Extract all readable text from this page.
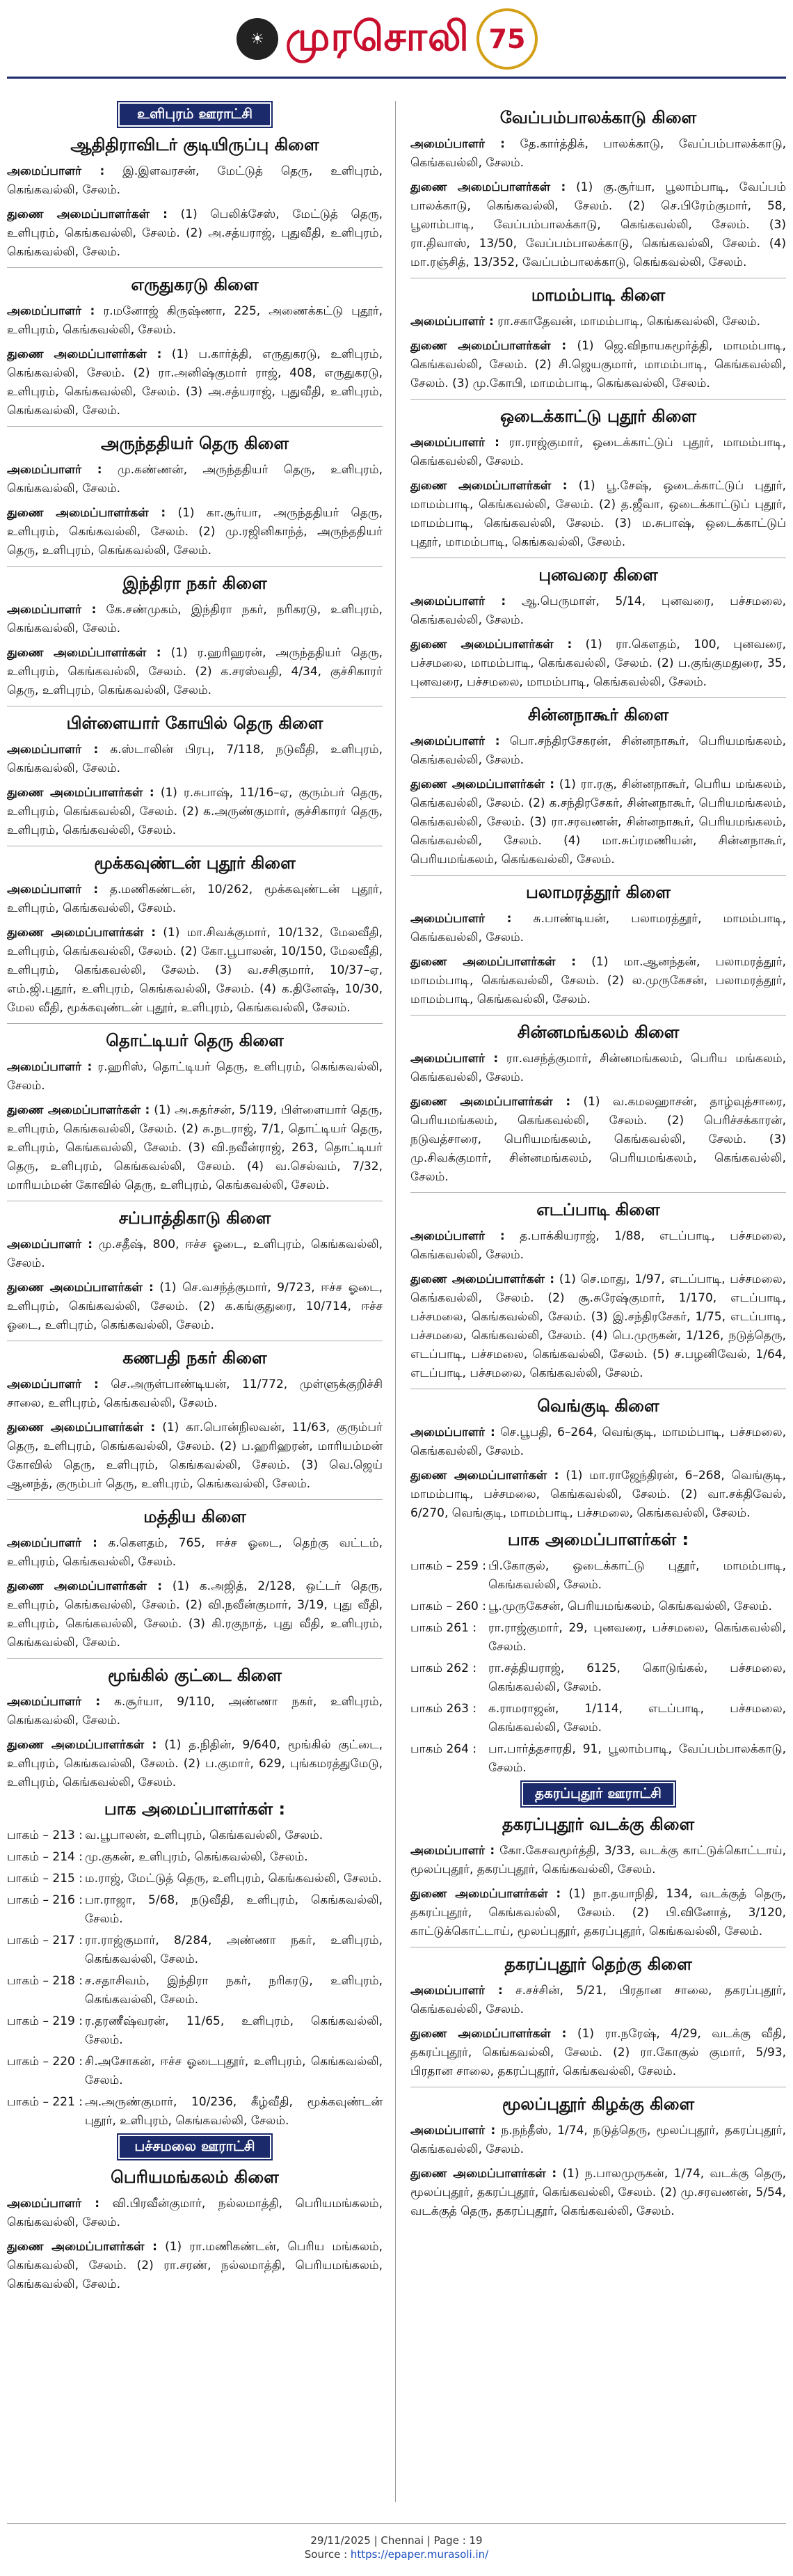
☀ முரசொலி 75
உளிபுரம் ஊராட்சி
ஆதிதிராவிடர் குடியிருப்பு கிளை
அமைப்பாளர் : இ.இளவரசன், மேட்டுத் தெரு, உளிபுரம், கெங்கவல்லி, சேலம்.
துணை அமைப்பாளர்கள் : (1) பெலிக்சேஸ், மேட்டுத் தெரு, உளிபுரம், கெங்கவல்லி, சேலம். (2) அ.சத்யராஜ், புதுவீதி, உளிபுரம், கெங்கவல்லி, சேலம்.
எருதுகரடு கிளை
அமைப்பாளர் : ர.மனோஜ் கிருஷ்ணா, 225, அணைக்கட்டு புதூர், உளிபுரம், கெங்கவல்லி, சேலம்.
துணை அமைப்பாளர்கள் : (1) ப.கார்த்தி, எருதுகரடு, உளிபுரம், கெங்கவல்லி, சேலம். (2) ரா.அனிஷ்குமார் ராஜ், 408, எருதுகரடு, உளிபுரம், கெங்கவல்லி, சேலம். (3) அ.சத்யராஜ், புதுவீதி, உளிபுரம், கெங்கவல்லி, சேலம்.
அருந்ததியர் தெரு கிளை
அமைப்பாளர் : மு.கண்ணன், அருந்ததியர் தெரு, உளிபுரம், கெங்கவல்லி, சேலம்.
துணை அமைப்பாளர்கள் : (1) கா.சூர்யா, அருந்ததியர் தெரு, உளிபுரம், கெங்கவல்லி, சேலம். (2) மு.ரஜினிகாந்த், அருந்ததியர் தெரு, உளிபுரம், கெங்கவல்லி, சேலம்.
இந்திரா நகர் கிளை
அமைப்பாளர் : கே.சண்முகம், இந்திரா நகர், நரிகரடு, உளிபுரம், கெங்கவல்லி, சேலம்.
துணை அமைப்பாளர்கள் : (1) ர.ஹரிஹரன், அருந்ததியர் தெரு, உளிபுரம், கெங்கவல்லி, சேலம். (2) க.சரஸ்வதி, 4/34, குச்சிகாரர் தெரு, உளிபுரம், கெங்கவல்லி, சேலம்.
பிள்ளையார் கோயில் தெரு கிளை
அமைப்பாளர் : க.ஸ்டாலின் பிரபு, 7/118, நடுவீதி, உளிபுரம், கெங்கவல்லி, சேலம்.
துணை அமைப்பாளர்கள் : (1) ர.சுபாஷ், 11/16–ஏ, குரும்பர் தெரு, உளிபுரம், கெங்கவல்லி, சேலம். (2) க.அருண்குமார், குச்சிகாரர் தெரு, உளிபுரம், கெங்கவல்லி, சேலம்.
மூக்கவுண்டன் புதூர் கிளை
அமைப்பாளர் : த.மணிகண்டன், 10/262, மூக்கவுண்டன் புதூர், உளிபுரம், கெங்கவல்லி, சேலம்.
துணை அமைப்பாளர்கள் : (1) மா.சிவக்குமார், 10/132, மேலவீதி, உளிபுரம், கெங்கவல்லி, சேலம். (2) கோ.பூபாலன், 10/150, மேலவீதி, உளிபுரம், கெங்கவல்லி, சேலம். (3) வ.சசிகுமார், 10/37–ஏ, எம்.ஜி.புதூர், உளிபுரம், கெங்கவல்லி, சேலம். (4) க.தினேஷ், 10/30, மேல வீதி, மூக்கவுண்டன் புதூர், உளிபுரம், கெங்கவல்லி, சேலம்.
தொட்டியர் தெரு கிளை
அமைப்பாளர் : ர.ஹரிஸ், தொட்டியர் தெரு, உளிபுரம், கெங்கவல்லி, சேலம்.
துணை அமைப்பாளர்கள் : (1) அ.சுதர்சன், 5/119, பிள்ளையார் தெரு, உளிபுரம், கெங்கவல்லி, சேலம். (2) சு.நடராஜ், 7/1, தொட்டியர் தெரு, உளிபுரம், கெங்கவல்லி, சேலம். (3) வி.நவீன்ராஜ், 263, தொட்டியர் தெரு, உளிபுரம், கெங்கவல்லி, சேலம். (4) வ.செல்வம், 7/32, மாரியம்மன் கோவில் தெரு, உளிபுரம், கெங்கவல்லி, சேலம்.
சப்பாத்திகாடு கிளை
அமைப்பாளர் : மு.சதீஷ், 800, ஈச்ச ஓடை, உளிபுரம், கெங்கவல்லி, சேலம்.
துணை அமைப்பாளர்கள் : (1) செ.வசந்த்குமார், 9/723, ஈச்ச ஓடை, உளிபுரம், கெங்கவல்லி, சேலம். (2) க.கங்குதுரை, 10/714, ஈச்ச ஓடை, உளிபுரம், கெங்கவல்லி, சேலம்.
கணபதி நகர் கிளை
அமைப்பாளர் : செ.அருள்பாண்டியன், 11/772, முள்ளுக்குறிச்சி சாலை, உளிபுரம், கெங்கவல்லி, சேலம்.
துணை அமைப்பாளர்கள் : (1) கா.பொன்நிலவன், 11/63, குரும்பர் தெரு, உளிபுரம், கெங்கவல்லி, சேலம். (2) ப.ஹரிஹரன், மாரியம்மன் கோவில் தெரு, உளிபுரம், கெங்கவல்லி, சேலம். (3) வெ.ஜெய் ஆனந்த், குரும்பர் தெரு, உளிபுரம், கெங்கவல்லி, சேலம்.
மத்திய கிளை
அமைப்பாளர் : க.கௌதம், 765, ஈச்ச ஓடை, தெற்கு வட்டம், உளிபுரம், கெங்கவல்லி, சேலம்.
துணை அமைப்பாளர்கள் : (1) க.அஜித், 2/128, ஒட்டர் தெரு, உளிபுரம், கெங்கவல்லி, சேலம். (2) வி.நவீன்குமார், 3/19, புது வீதி, உளிபுரம், கெங்கவல்லி, சேலம். (3) கி.ரகுநாத், புது வீதி, உளிபுரம், கெங்கவல்லி, சேலம்.
மூங்கில் குட்டை கிளை
அமைப்பாளர் : க.சூர்யா, 9/110, அண்ணா நகர், உளிபுரம், கெங்கவல்லி, சேலம்.
துணை அமைப்பாளர்கள் : (1) த.நிதின், 9/640, மூங்கில் குட்டை, உளிபுரம், கெங்கவல்லி, சேலம். (2) ப.குமார், 629, புங்கமரத்துமேடு, உளிபுரம், கெங்கவல்லி, சேலம்.
பாக அமைப்பாளர்கள் :
பாகம் – 213 : வ.பூபாலன், உளிபுரம், கெங்கவல்லி, சேலம்.
பாகம் – 214 : மு.குகன், உளிபுரம், கெங்கவல்லி, சேலம்.
பாகம் – 215 : ம.ராஜ், மேட்டுத் தெரு, உளிபுரம், கெங்கவல்லி, சேலம்.
பாகம் – 216 : பா.ராஜா, 5/68, நடுவீதி, உளிபுரம், கெங்கவல்லி, சேலம்.
பாகம் – 217 : ரா.ராஜ்குமார், 8/284, அண்ணா நகர், உளிபுரம், கெங்கவல்லி, சேலம்.
பாகம் – 218 : ச.சதாசிவம், இந்திரா நகர், நரிகரடு, உளிபுரம், கெங்கவல்லி, சேலம்.
பாகம் – 219 : ர.தரணீஷ்வரன், 11/65, உளிபுரம், கெங்கவல்லி, சேலம்.
பாகம் – 220 : சி.அசோகன், ஈச்ச ஓடைபுதூர், உளிபுரம், கெங்கவல்லி, சேலம்.
பாகம் – 221 : அ.அருண்குமார், 10/236, கீழ்வீதி, மூக்கவுண்டன் புதூர், உளிபுரம், கெங்கவல்லி, சேலம்.
பச்சமலை ஊராட்சி
பெரியமங்கலம் கிளை
அமைப்பாளர் : வி.பிரவீன்குமார், நல்லமாத்தி, பெரியமங்கலம், கெங்கவல்லி, சேலம்.
துணை அமைப்பாளர்கள் : (1) ரா.மணிகண்டன், பெரிய மங்கலம், கெங்கவல்லி, சேலம். (2) ரா.சரண், நல்லமாத்தி, பெரியமங்கலம், கெங்கவல்லி, சேலம்.
வேப்பம்பாலக்காடு கிளை
அமைப்பாளர் : தே.கார்த்திக், பாலக்காடு, வேப்பம்பாலக்காடு, கெங்கவல்லி, சேலம்.
துணை அமைப்பாளர்கள் : (1) கு.சூர்யா, பூலாம்பாடி, வேப்பம் பாலக்காடு, கெங்கவல்லி, சேலம். (2) செ.பிரேம்குமார், 58, பூலாம்பாடி, வேப்பம்பாலக்காடு, கெங்கவல்லி, சேலம். (3) ரா.திவாஸ், 13/50, வேப்பம்பாலக்காடு, கெங்கவல்லி, சேலம். (4) மா.ரஞ்சித், 13/352, வேப்பம்பாலக்காடு, கெங்கவல்லி, சேலம்.
மாமம்பாடி கிளை
அமைப்பாளர் : ரா.சகாதேவன், மாமம்பாடி, கெங்கவல்லி, சேலம்.
துணை அமைப்பாளர்கள் : (1) ஜெ.விநாயகமூர்த்தி, மாமம்பாடி, கெங்கவல்லி, சேலம். (2) சி.ஜெயகுமார், மாமம்பாடி, கெங்கவல்லி, சேலம். (3) மு.கோபி, மாமம்பாடி, கெங்கவல்லி, சேலம்.
ஒடைக்காட்டு புதூர் கிளை
அமைப்பாளர் : ரா.ராஜ்குமார், ஒடைக்காட்டுப் புதூர், மாமம்பாடி, கெங்கவல்லி, சேலம்.
துணை அமைப்பாளர்கள் : (1) பூ.சேஷ், ஒடைக்காட்டுப் புதூர், மாமம்பாடி, கெங்கவல்லி, சேலம். (2) த.ஜீவா, ஒடைக்காட்டுப் புதூர், மாமம்பாடி, கெங்கவல்லி, சேலம். (3) ம.சுபாஷ், ஒடைக்காட்டுப் புதூர், மாமம்பாடி, கெங்கவல்லி, சேலம்.
புனவரை கிளை
அமைப்பாளர் : ஆ.பெருமாள், 5/14, புனவரை, பச்சமலை, கெங்கவல்லி, சேலம்.
துணை அமைப்பாளர்கள் : (1) ரா.கௌதம், 100, புனவரை, பச்சமலை, மாமம்பாடி, கெங்கவல்லி, சேலம். (2) ப.குங்குமதுரை, 35, புனவரை, பச்சமலை, மாமம்பாடி, கெங்கவல்லி, சேலம்.
சின்னநாகூர் கிளை
அமைப்பாளர் : பொ.சந்திரசேகரன், சின்னநாகூர், பெரியமங்கலம், கெங்கவல்லி, சேலம்.
துணை அமைப்பாளர்கள் : (1) ரா.ரகு, சின்னநாகூர், பெரிய மங்கலம், கெங்கவல்லி, சேலம். (2) க.சந்திரசேகர், சின்னநாகூர், பெரியமங்கலம், கெங்கவல்லி, சேலம். (3) ரா.சரவணன், சின்னநாகூர், பெரியமங்கலம், கெங்கவல்லி, சேலம். (4) மா.சுப்ரமணியன், சின்னநாகூர், பெரியமங்கலம், கெங்கவல்லி, சேலம்.
பலாமரத்தூர் கிளை
அமைப்பாளர் : சு.பாண்டியன், பலாமரத்தூர், மாமம்பாடி, கெங்கவல்லி, சேலம்.
துணை அமைப்பாளர்கள் : (1) மா.ஆனந்தன், பலாமரத்தூர், மாமம்பாடி, கெங்கவல்லி, சேலம். (2) ல.முருகேசன், பலாமரத்தூர், மாமம்பாடி, கெங்கவல்லி, சேலம்.
சின்னமங்கலம் கிளை
அமைப்பாளர் : ரா.வசந்த்குமார், சின்னமங்கலம், பெரிய மங்கலம், கெங்கவல்லி, சேலம்.
துணை அமைப்பாளர்கள் : (1) வ.கமலஹாசன், தாழ்வுத்சாரை, பெரியமங்கலம், கெங்கவல்லி, சேலம். (2) பெரிச்சக்காரன், நடுவத்சாரை, பெரியமங்கலம், கெங்கவல்லி, சேலம். (3) மு.சிவக்குமார், சின்னமங்கலம், பெரியமங்கலம், கெங்கவல்லி, சேலம்.
எடப்பாடி கிளை
அமைப்பாளர் : த.பாக்கியராஜ், 1/88, எடப்பாடி, பச்சமலை, கெங்கவல்லி, சேலம்.
துணை அமைப்பாளர்கள் : (1) செ.மாது, 1/97, எடப்பாடி, பச்சமலை, கெங்கவல்லி, சேலம். (2) சூ.சுரேஷ்குமார், 1/170, எடப்பாடி, பச்சமலை, கெங்கவல்லி, சேலம். (3) இ.சந்திரசேகர், 1/75, எடப்பாடி, பச்சமலை, கெங்கவல்லி, சேலம். (4) பெ.முருகன், 1/126, நடுத்தெரு, எடப்பாடி, பச்சமலை, கெங்கவல்லி, சேலம். (5) ச.பழனிவேல், 1/64, எடப்பாடி, பச்சமலை, கெங்கவல்லி, சேலம்.
வெங்குடி கிளை
அமைப்பாளர் : செ.பூபதி, 6–264, வெங்குடி, மாமம்பாடி, பச்சமலை, கெங்கவல்லி, சேலம்.
துணை அமைப்பாளர்கள் : (1) மா.ராஜேந்திரன், 6–268, வெங்குடி, மாமம்பாடி, பச்சமலை, கெங்கவல்லி, சேலம். (2) வா.சக்திவேல், 6/270, வெங்குடி, மாமம்பாடி, பச்சமலை, கெங்கவல்லி, சேலம்.
பாக அமைப்பாளர்கள் :
பாகம் – 259 : பி.கோகுல், ஒடைக்காட்டு புதூர், மாமம்பாடி, கெங்கவல்லி, சேலம்.
பாகம் – 260 : பூ.முருகேசன், பெரியமங்கலம், கெங்கவல்லி, சேலம்.
பாகம் 261 : ரா.ராஜ்குமார், 29, புனவரை, பச்சமலை, கெங்கவல்லி, சேலம்.
பாகம் 262 : ரா.சத்தியராஜ், 6125, கொடுங்கல், பச்சமலை, கெங்கவல்லி, சேலம்.
பாகம் 263 : க.ராமராஜன், 1/114, எடப்பாடி, பச்சமலை, கெங்கவல்லி, சேலம்.
பாகம் 264 : பா.பார்த்தசாரதி, 91, பூலாம்பாடி, வேப்பம்பாலக்காடு, சேலம்.
தகரப்புதூர் ஊராட்சி
தகரப்புதூர் வடக்கு கிளை
அமைப்பாளர் : கோ.கேசவமூர்த்தி, 3/33, வடக்கு காட்டுக்கொட்டாய், மூலப்புதூர், தகரப்புதூர், கெங்கவல்லி, சேலம்.
துணை அமைப்பாளர்கள் : (1) நா.தயாநிதி, 134, வடக்குத் தெரு, தகரப்புதூர், கெங்கவல்லி, சேலம். (2) பி.வினோத், 3/120, காட்டுக்கொட்டாய், மூலப்புதூர், தகரப்புதூர், கெங்கவல்லி, சேலம்.
தகரப்புதூர் தெற்கு கிளை
அமைப்பாளர் : ச.சச்சின், 5/21, பிரதான சாலை, தகரப்புதூர், கெங்கவல்லி, சேலம்.
துணை அமைப்பாளர்கள் : (1) ரா.நரேஷ், 4/29, வடக்கு வீதி, தகரப்புதூர், கெங்கவல்லி, சேலம். (2) ரா.கோகுல் குமார், 5/93, பிரதான சாலை, தகரப்புதூர், கெங்கவல்லி, சேலம்.
மூலப்புதூர் கிழக்கு கிளை
அமைப்பாளர் : ந.நந்தீஸ், 1/74, நடுத்தெரு, மூலப்புதூர், தகரப்புதூர், கெங்கவல்லி, சேலம்.
துணை அமைப்பாளர்கள் : (1) ந.பாலமுருகன், 1/74, வடக்கு தெரு, மூலப்புதூர், தகரப்புதூர், கெங்கவல்லி, சேலம். (2) மு.சரவணன், 5/54, வடக்குத் தெரு, தகரப்புதூர், கெங்கவல்லி, சேலம்.
29/11/2025 | Chennai | Page : 19
Source : https://epaper.murasoli.in/
